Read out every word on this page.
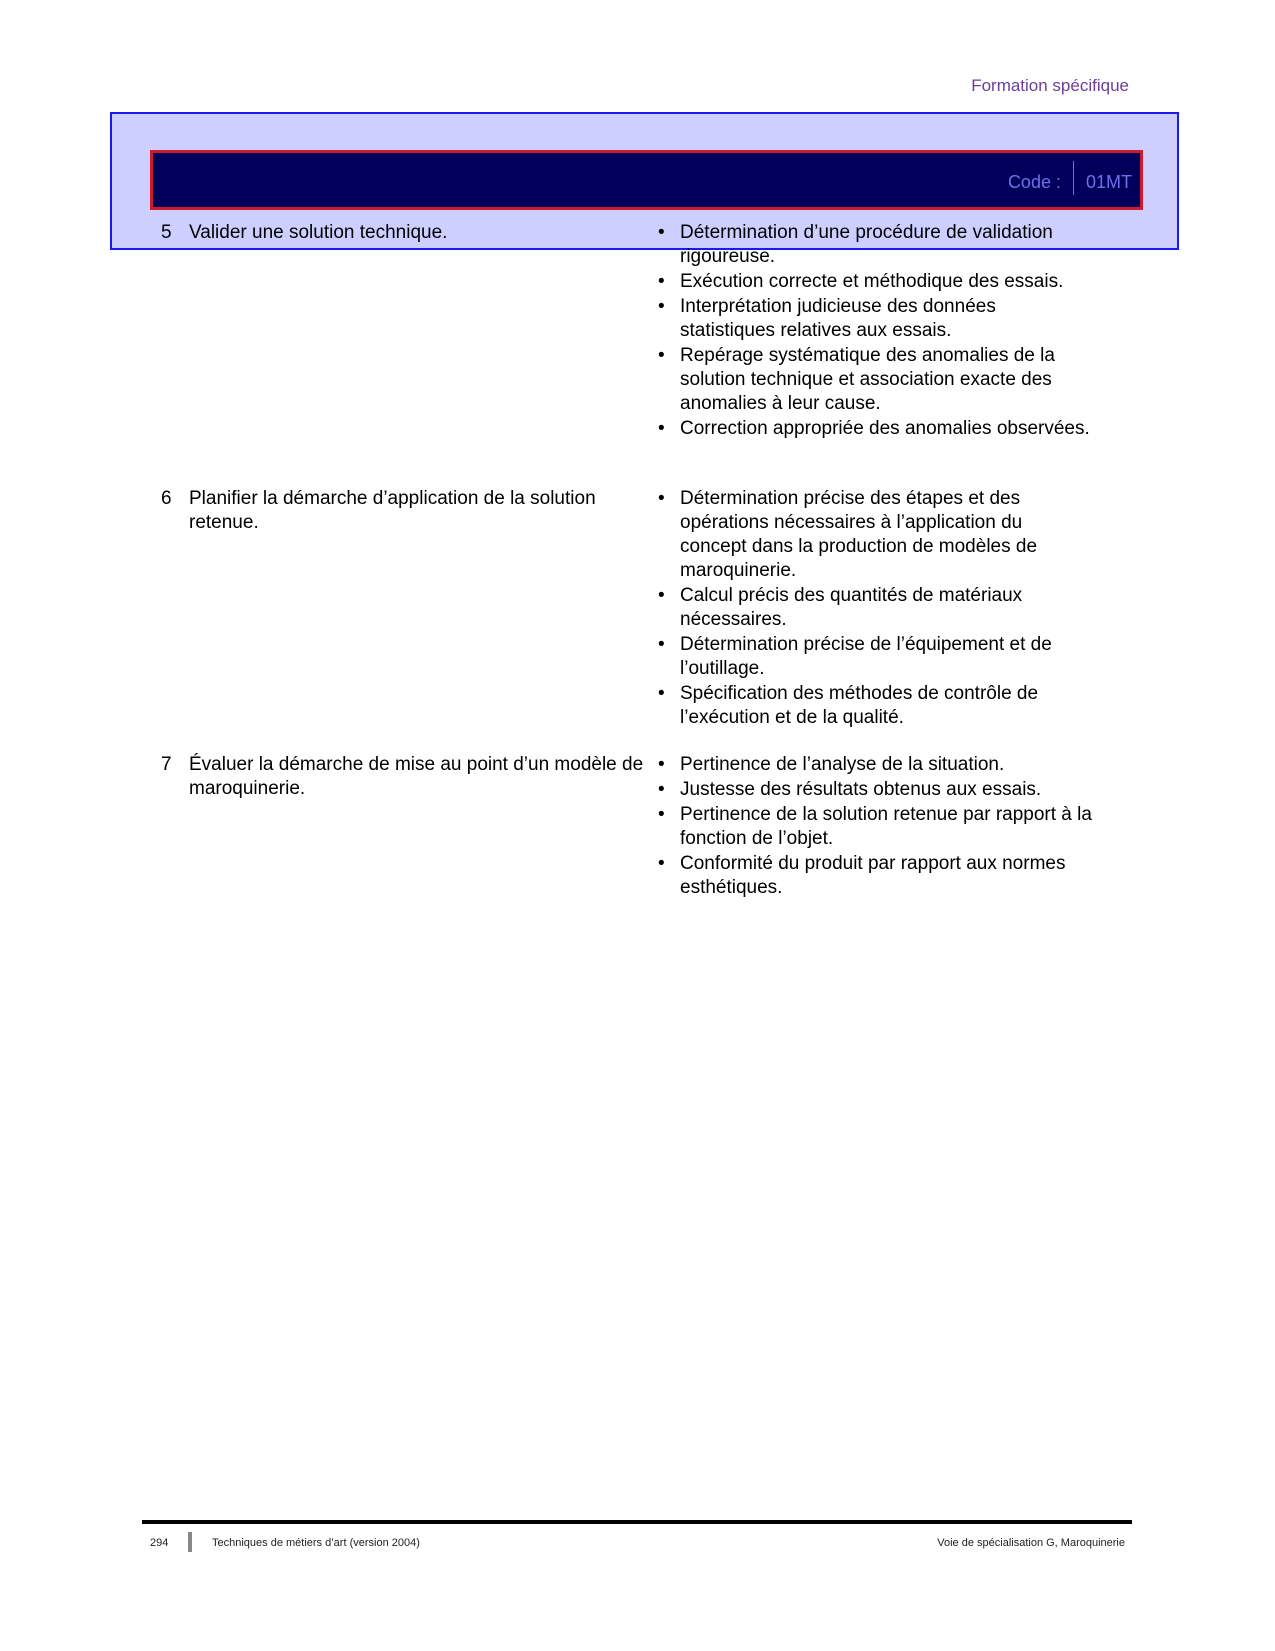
Formation spécifique
Code : 01MT
5 Valider une solution technique.
•	Détermination d’une procédure de validation rigoureuse.
• Exécution correcte et méthodique des essais.
• Interprétation judicieuse des données statistiques relatives aux essais.
• Repérage systématique des anomalies de la solution technique et association exacte des anomalies à leur cause.
• Correction appropriée des anomalies observées.
6 Planifier la démarche d’application de la solution retenue.
• Détermination précise des étapes et des opérations nécessaires à l’application du concept dans la production de modèles de maroquinerie.
• Calcul précis des quantités de matériaux nécessaires.
• Détermination précise de l’équipement et de l’outillage.
• Spécification des méthodes de contrôle de l’exécution et de la qualité.
7 Évaluer la démarche de mise au point d’un modèle de maroquinerie.
• Pertinence de l’analyse de la situation.
• Justesse des résultats obtenus aux essais.
• Pertinence de la solution retenue par rapport à la fonction de l’objet.
• Conformité du produit par rapport aux normes esthétiques.
294	Techniques de métiers d’art (version 2004)	Voie de spécialisation G, Maroquinerie
